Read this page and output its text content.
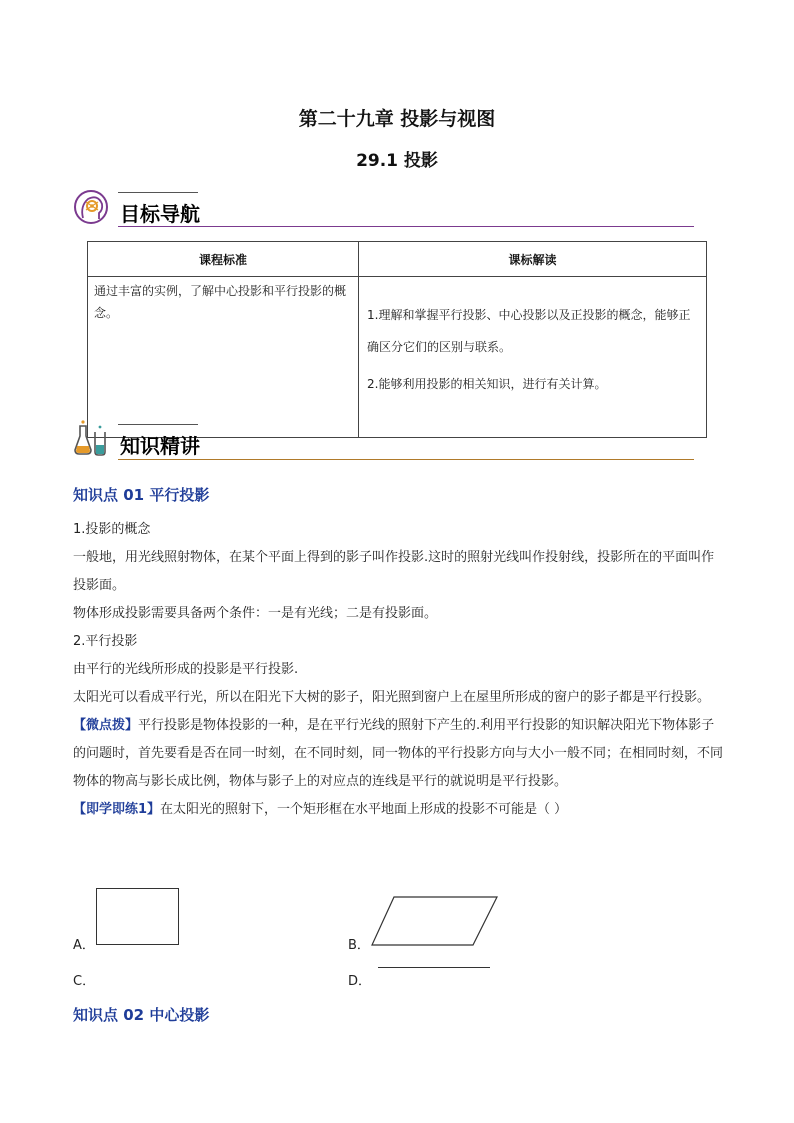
第二十九章 投影与视图
29.1 投影
目标导航
课程标准	课标解读
通过丰富的实例，了解中心投影和平行投影的概念。	1.理解和掌握平行投影、中心投影以及正投影的概念，能够正确区分它们的区别与联系。

2.能够利用投影的相关知识，进行有关计算。

知识精讲
知识点 01 平行投影

1.投影的概念

一般地，用光线照射物体，在某个平面上得到的影子叫作投影.这时的照射光线叫作投射线，投影所在的平面叫作投影面。

物体形成投影需要具备两个条件：一是有光线；二是有投影面。

2.平行投影

由平行的光线所形成的投影是平行投影.

太阳光可以看成平行光，所以在阳光下大树的影子，阳光照到窗户上在屋里所形成的窗户的影子都是平行投影。

【微点拨】平行投影是物体投影的一种，是在平行光线的照射下产生的.利用平行投影的知识解决阳光下物体影子的问题时，首先要看是否在同一时刻，在不同时刻，同一物体的平行投影方向与大小一般不同；在相同时刻，不同物体的物高与影长成比例，物体与影子上的对应点的连线是平行的就说明是平行投影。

【即学即练1】在太阳光的照射下，一个矩形框在水平地面上形成的投影不可能是（ ）

A．	B．
C．	D．
知识点 02 中心投影
